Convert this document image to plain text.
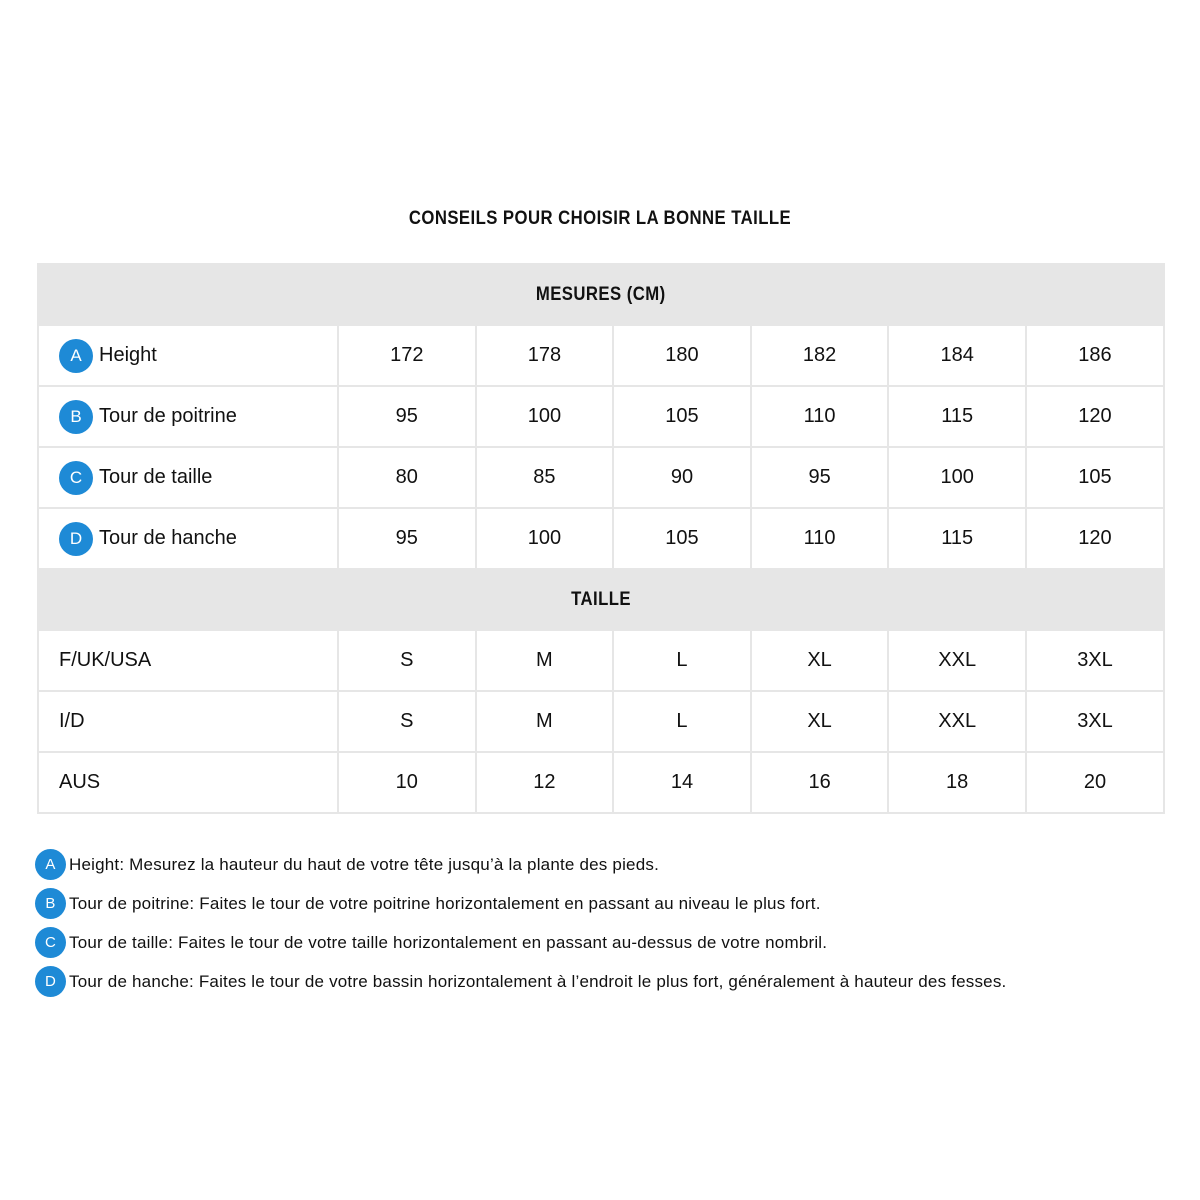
CONSEILS POUR CHOISIR LA BONNE TAILLE
MESURES (CM)						

A Height	172	178	180	182	184	186

B Tour de poitrine	95	100	105	110	115	120

C Tour de taille	80	85	90	95	100	105

D Tour de hanche	95	100	105	110	115	120
TAILLE						
F/UK/USA	S	M	L	XL	XXL	3XL
I/D	S	M	L	XL	XXL	3XL
AUS	10	12	14	16	18	20
A Height: Mesurez la hauteur du haut de votre tête jusqu’à la plante des pieds.
B Tour de poitrine: Faites le tour de votre poitrine horizontalement en passant au niveau le plus fort.
C Tour de taille: Faites le tour de votre taille horizontalement en passant au-dessus de votre nombril.
D Tour de hanche: Faites le tour de votre bassin horizontalement à l’endroit le plus fort, généralement à hauteur des fesses.
